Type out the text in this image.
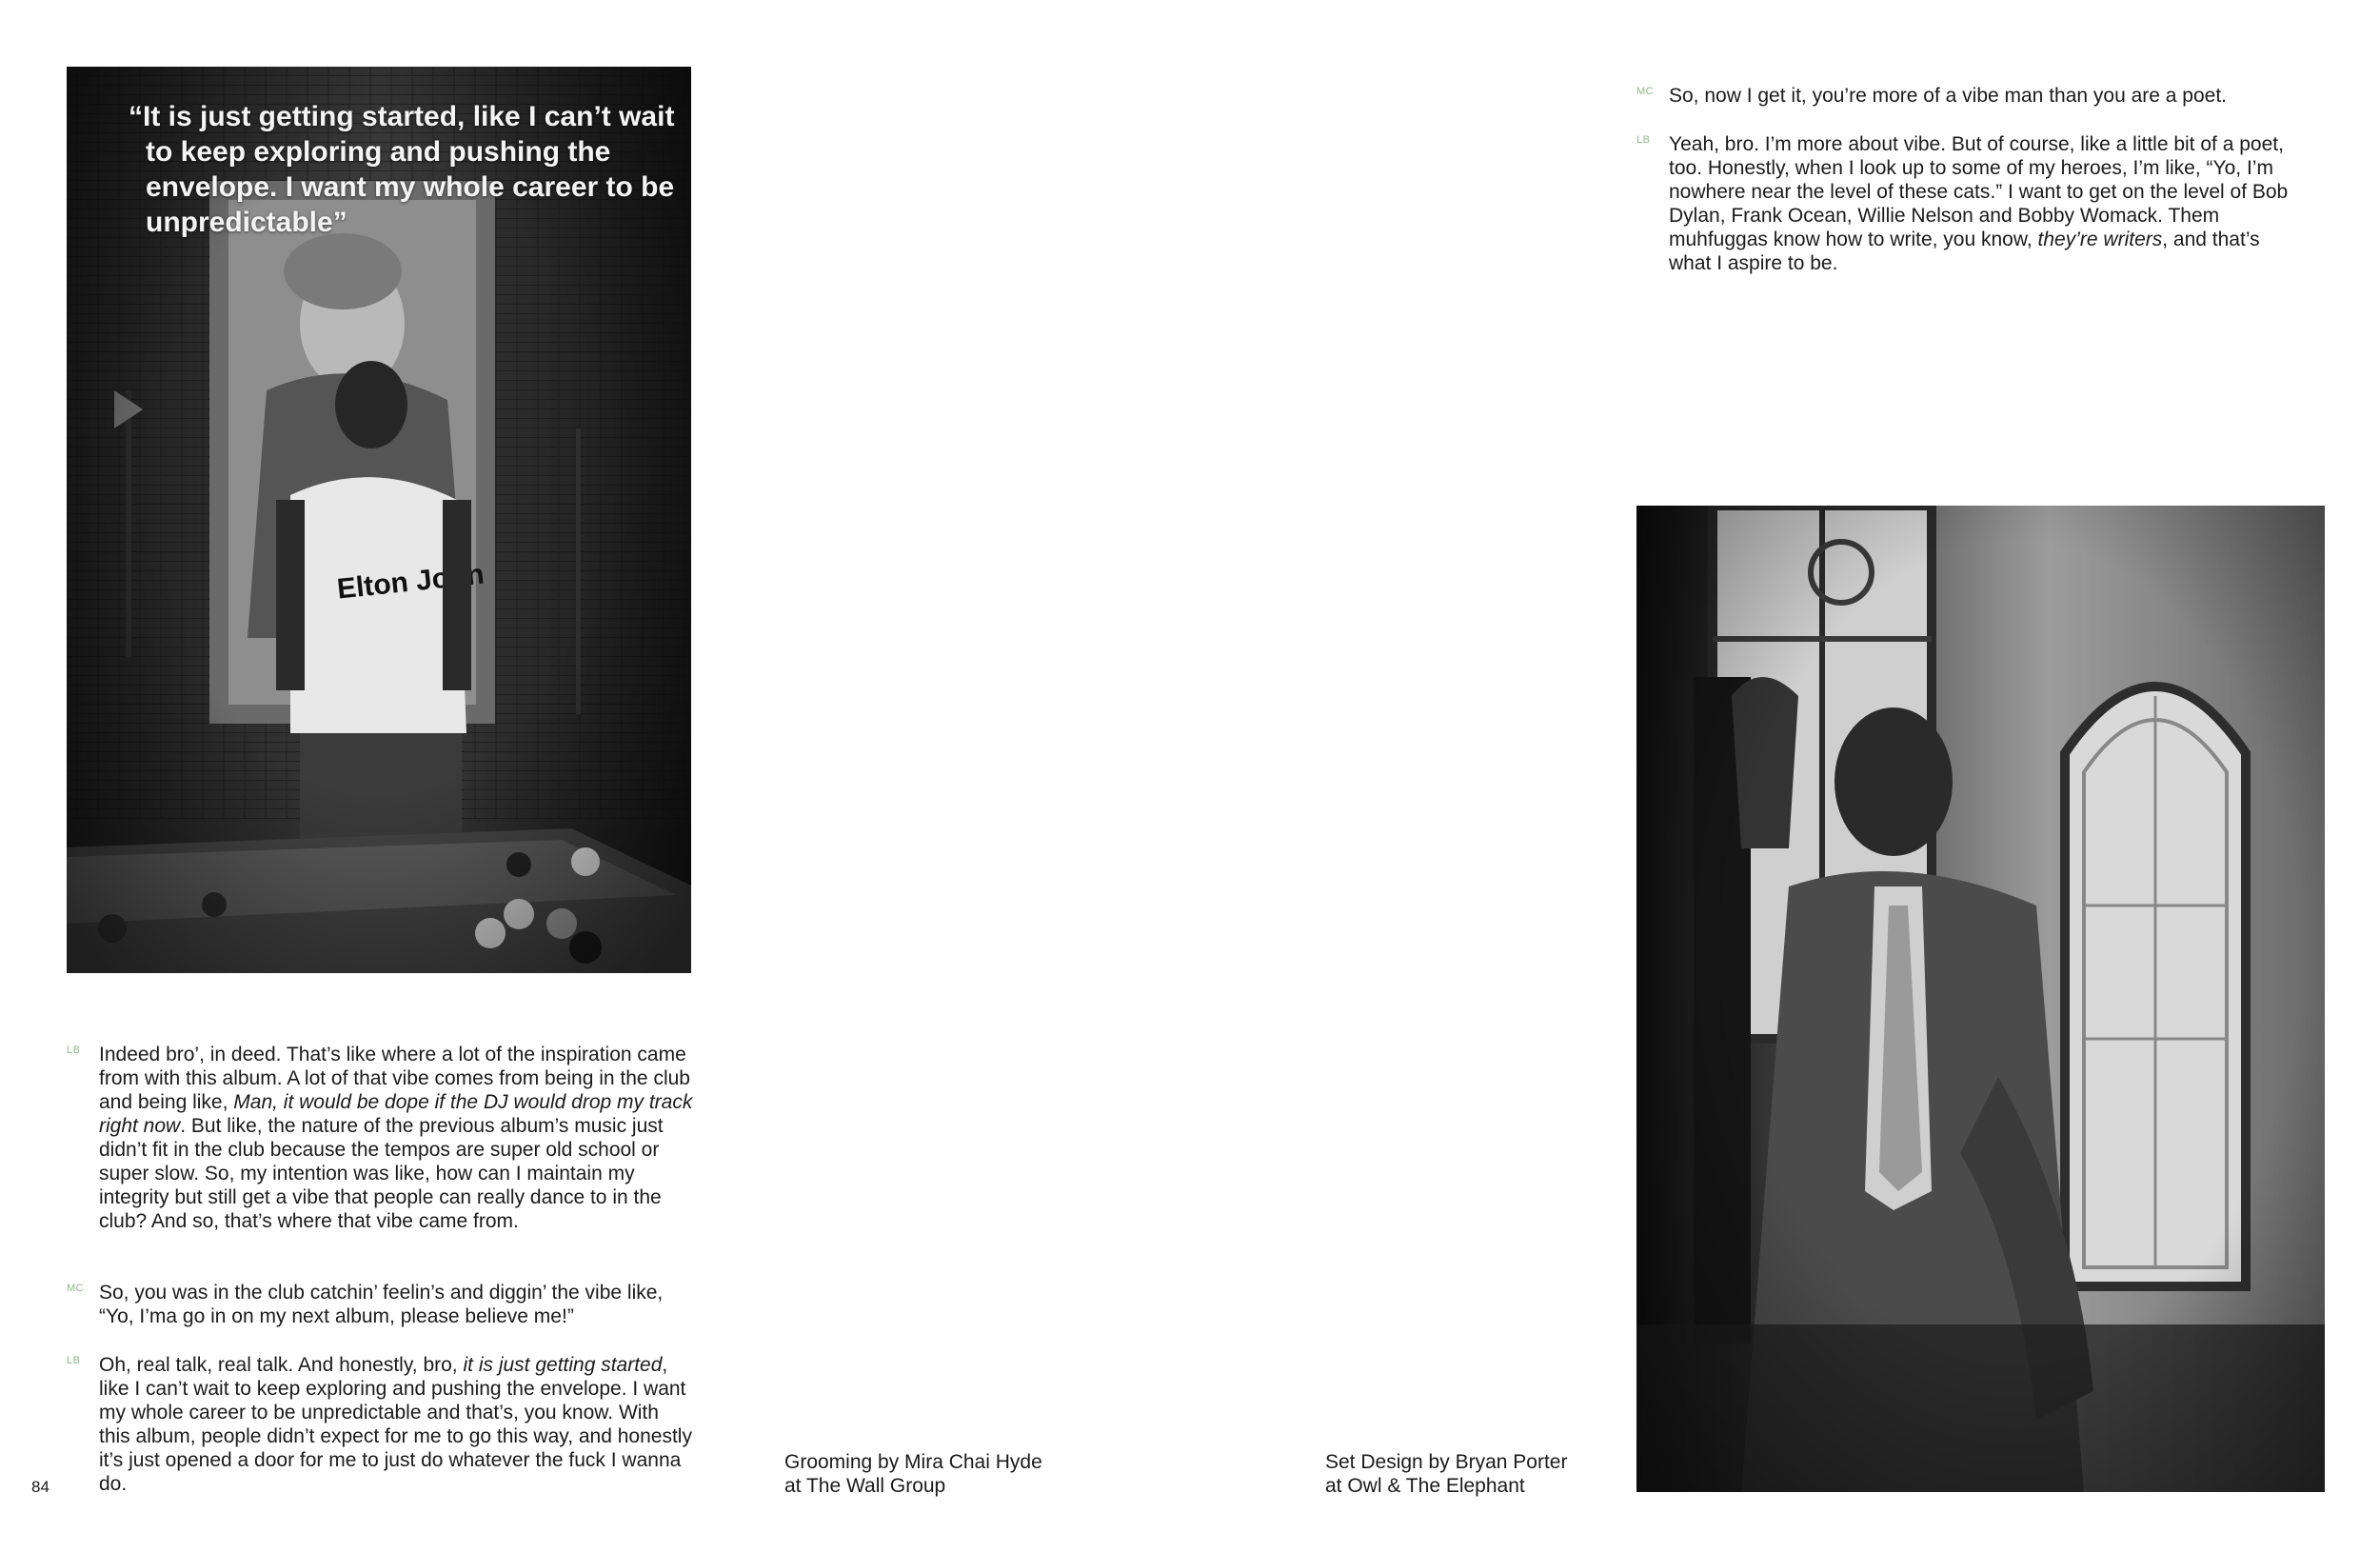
“It is just getting started, like I can’t wait to keep exploring and pushing the envelope. I want my whole career to be unpredictable”
LB Indeed bro’, in deed. That’s like where a lot of the inspiration came from with this album. A lot of that vibe comes from being in the club and being like, Man, it would be dope if the DJ would drop my track right now. But like, the nature of the previous album’s music just didn’t fit in the club because the tempos are super old school or super slow. So, my intention was like, how can I maintain my integrity but still get a vibe that people can really dance to in the club? And so, that’s where that vibe came from.
MC So, you was in the club catchin’ feelin’s and diggin’ the vibe like, “Yo, I’ma go in on my next album, please believe me!”
LB Oh, real talk, real talk. And honestly, bro, it is just getting started, like I can’t wait to keep exploring and pushing the envelope. I want my whole career to be unpredictable and that’s, you know. With this album, people didn’t expect for me to go this way, and honestly it’s just opened a door for me to just do whatever the fuck I wanna do.
84
Grooming by Mira Chai Hyde
at The Wall Group
Set Design by Bryan Porter
at Owl & The Elephant
MC So, now I get it, you’re more of a vibe man than you are a poet.
LB Yeah, bro. I’m more about vibe. But of course, like a little bit of a poet, too. Honestly, when I look up to some of my heroes, I’m like, “Yo, I’m nowhere near the level of these cats.” I want to get on the level of Bob Dylan, Frank Ocean, Willie Nelson and Bobby Womack. Them muhfuggas know how to write, you know, they’re writers, and that’s what I aspire to be.
